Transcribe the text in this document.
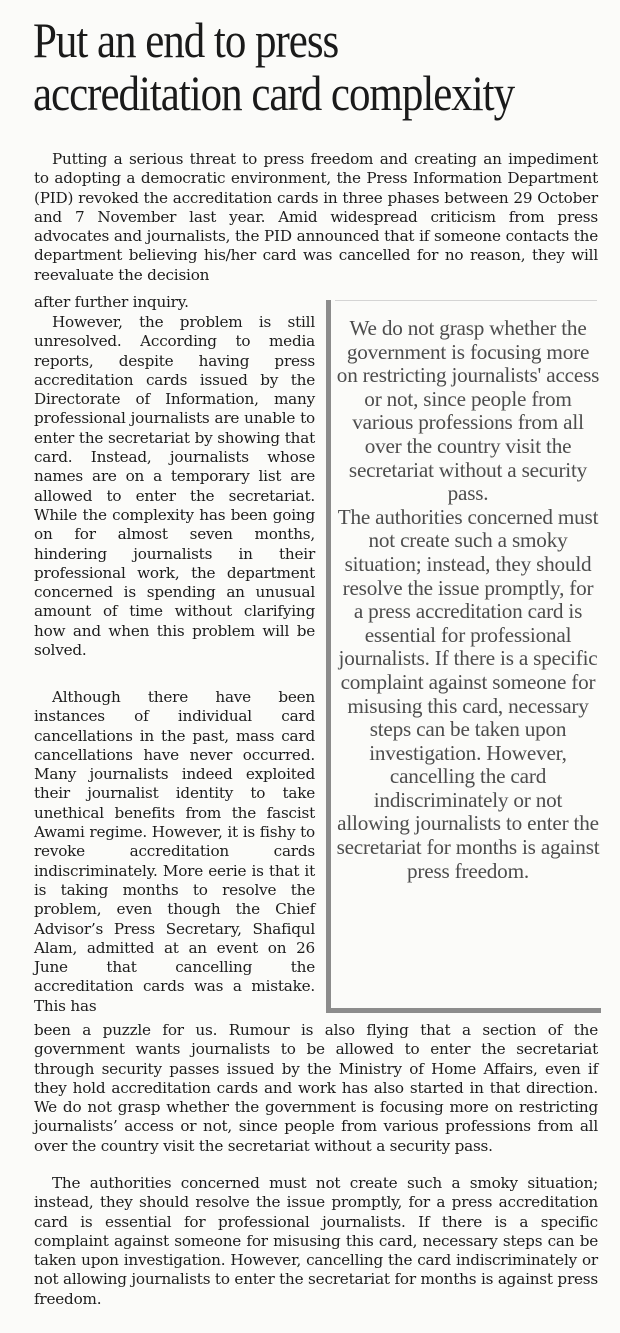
Put an end to press accreditation card complexity

Putting a serious threat to press freedom and creating an impediment to adopting a democratic environment, the Press Information Department (PID) revoked the accreditation cards in three phases between 29 October and 7 November last year. Amid widespread criticism from press advocates and journalists, the PID announced that if someone contacts the department believing his/her card was cancelled for no reason, they will reevaluate the decision

after further inquiry.

However, the problem is still unresolved. According to media reports, despite having press accreditation cards issued by the Directorate of Information, many professional journalists are unable to enter the secretariat by showing that card. Instead, journalists whose names are on a temporary list are allowed to enter the secretariat. While the complexity has been going on for almost seven months, hindering journalists in their professional work, the department concerned is spending an unusual amount of time without clarifying how and when this problem will be solved.

Although there have been instances of individual card cancellations in the past, mass card cancellations have never occurred. Many journalists indeed exploited their journalist identity to take unethical benefits from the fascist Awami regime. However, it is fishy to revoke accreditation cards indiscriminately. More eerie is that it is taking months to resolve the problem, even though the Chief Advisor’s Press Secretary, Shafiqul Alam, admitted at an event on 26 June that cancelling the accreditation cards was a mistake. This has

been a puzzle for us. Rumour is also flying that a section of the government wants journalists to be allowed to enter the secretariat through security passes issued by the Ministry of Home Affairs, even if they hold accreditation cards and work has also started in that direction. We do not grasp whether the government is focusing more on restricting journalists’ access or not, since people from various professions from all over the country visit the secretariat without a security pass.

The authorities concerned must not create such a smoky situation; instead, they should resolve the issue promptly, for a press accreditation card is essential for professional journalists. If there is a specific complaint against someone for misusing this card, necessary steps can be taken upon investigation. However, cancelling the card indiscriminately or not allowing journalists to enter the secretariat for months is against press freedom.

We do not grasp whether the government is focusing more on restricting journalists' access or not, since people from various professions from all over the country visit the secretariat without a security pass.
The authorities concerned must not create such a smoky situation; instead, they should resolve the issue promptly, for a press accreditation card is essential for professional journalists. If there is a specific complaint against someone for misusing this card, necessary steps can be taken upon investigation. However, cancelling the card indiscriminately or not allowing journalists to enter the secretariat for months is against press freedom.
